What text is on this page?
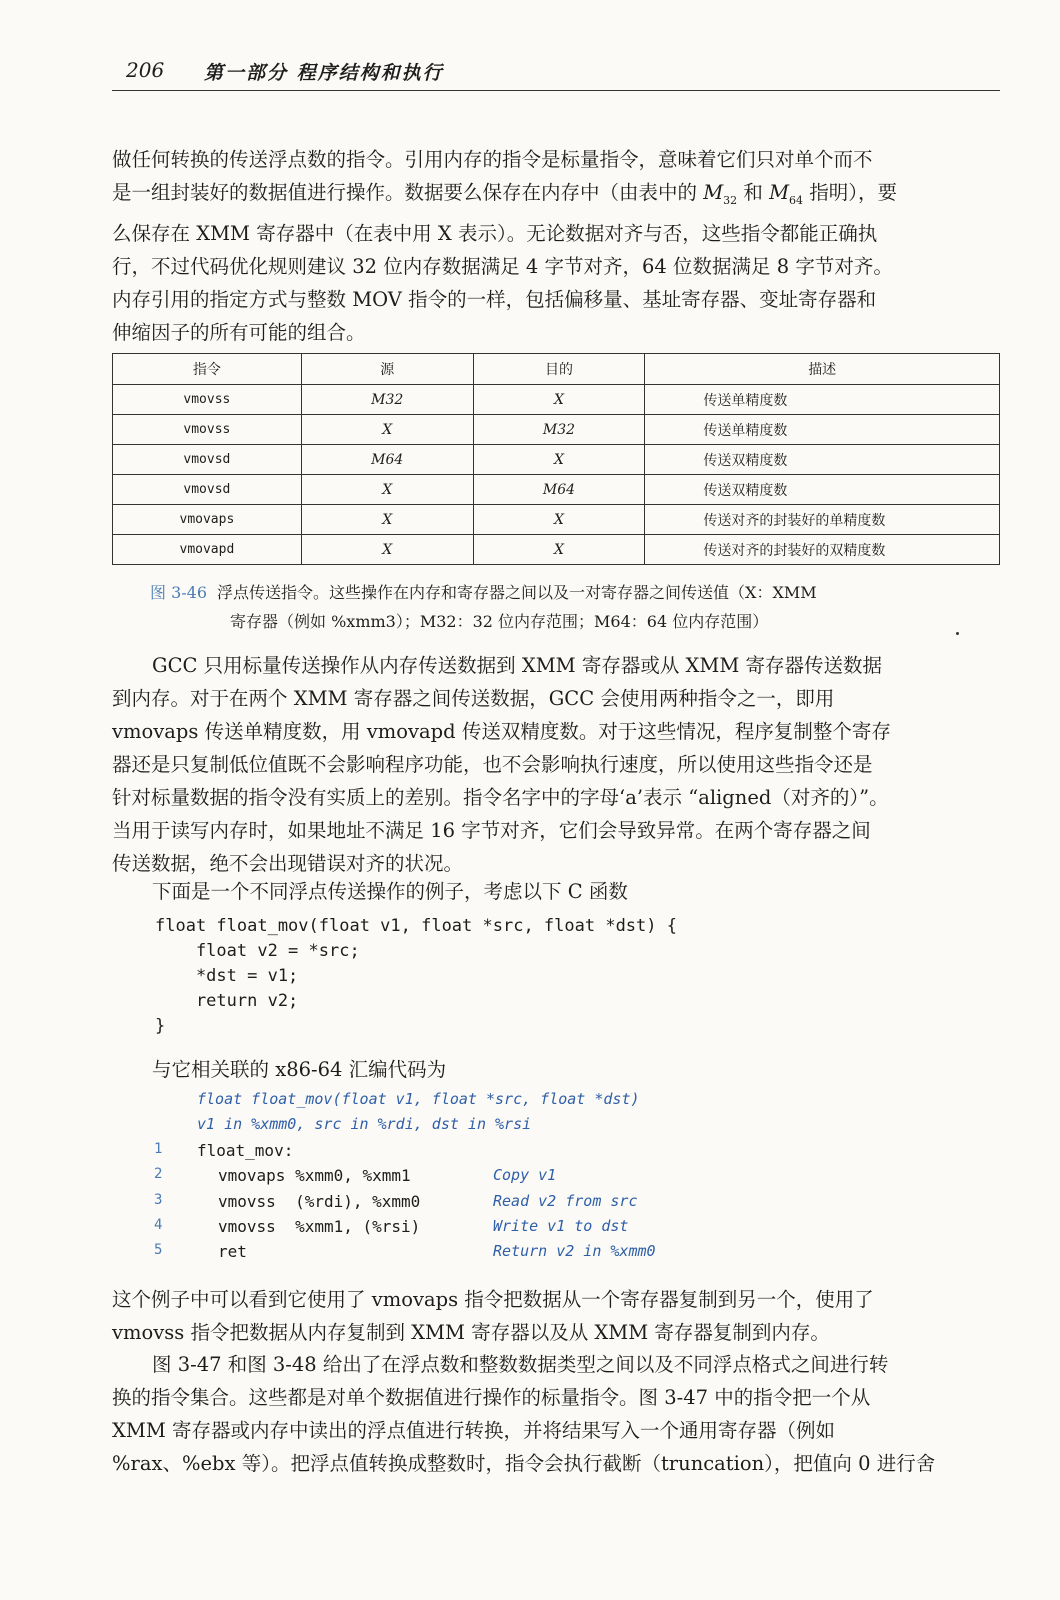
206 第一部分 程序结构和执行
做任何转换的传送浮点数的指令。引用内存的指令是标量指令，意味着它们只对单个而不
是一组封装好的数据值进行操作。数据要么保存在内存中（由表中的 $M_{32}$ 和 $M_{64}$ 指明），要
么保存在 XMM 寄存器中（在表中用 X 表示）。无论数据对齐与否，这些指令都能正确执
行，不过代码优化规则建议 32 位内存数据满足 4 字节对齐，64 位数据满足 8 字节对齐。
内存引用的指定方式与整数 MOV 指令的一样，包括偏移量、基址寄存器、变址寄存器和
伸缩因子的所有可能的组合。
指令	源	目的	描述
vmovss	M32	X	传送单精度数
vmovss	X	M32	传送单精度数
vmovsd	M64	X	传送双精度数
vmovsd	X	M64	传送双精度数
vmovaps	X	X	传送对齐的封装好的单精度数
vmovapd	X	X	传送对齐的封装好的双精度数
图 3-46 浮点传送指令。这些操作在内存和寄存器之间以及一对寄存器之间传送值（X：XMM
寄存器（例如 %xmm3）；M32：32 位内存范围；M64：64 位内存范围）
GCC 只用标量传送操作从内存传送数据到 XMM 寄存器或从 XMM 寄存器传送数据
到内存。对于在两个 XMM 寄存器之间传送数据，GCC 会使用两种指令之一，即用
vmovaps 传送单精度数，用 vmovapd 传送双精度数。对于这些情况，程序复制整个寄存
器还是只复制低位值既不会影响程序功能，也不会影响执行速度，所以使用这些指令还是
针对标量数据的指令没有实质上的差别。指令名字中的字母‘a’表示 “aligned（对齐的）”。
当用于读写内存时，如果地址不满足 16 字节对齐，它们会导致异常。在两个寄存器之间
传送数据，绝不会出现错误对齐的状况。
下面是一个不同浮点传送操作的例子，考虑以下 C 函数
float float_mov(float v1, float *src, float *dst) {
float v2 = *src;
*dst = v1;
return v2;
}
与它相关联的 x86-64 汇编代码为
float float_mov(float v1, float *src, float *dst)
v1 in %xmm0, src in %rdi, dst in %rsi

1

float_mov:

2

	vmovaps %xmm0, %xmm1

	Copy v1

3

	vmovss  (%rdi), %xmm0

	Read v2 from src

4

	vmovss  %xmm1, (%rsi)

	Write v1 to dst

5

	ret

	Return v2 in %xmm0

这个例子中可以看到它使用了 vmovaps 指令把数据从一个寄存器复制到另一个，使用了
vmovss 指令把数据从内存复制到 XMM 寄存器以及从 XMM 寄存器复制到内存。
图 3-47 和图 3-48 给出了在浮点数和整数数据类型之间以及不同浮点格式之间进行转
换的指令集合。这些都是对单个数据值进行操作的标量指令。图 3-47 中的指令把一个从
XMM 寄存器或内存中读出的浮点值进行转换，并将结果写入一个通用寄存器（例如
%rax、%ebx 等）。把浮点值转换成整数时，指令会执行截断（truncation），把值向 0 进行舍
